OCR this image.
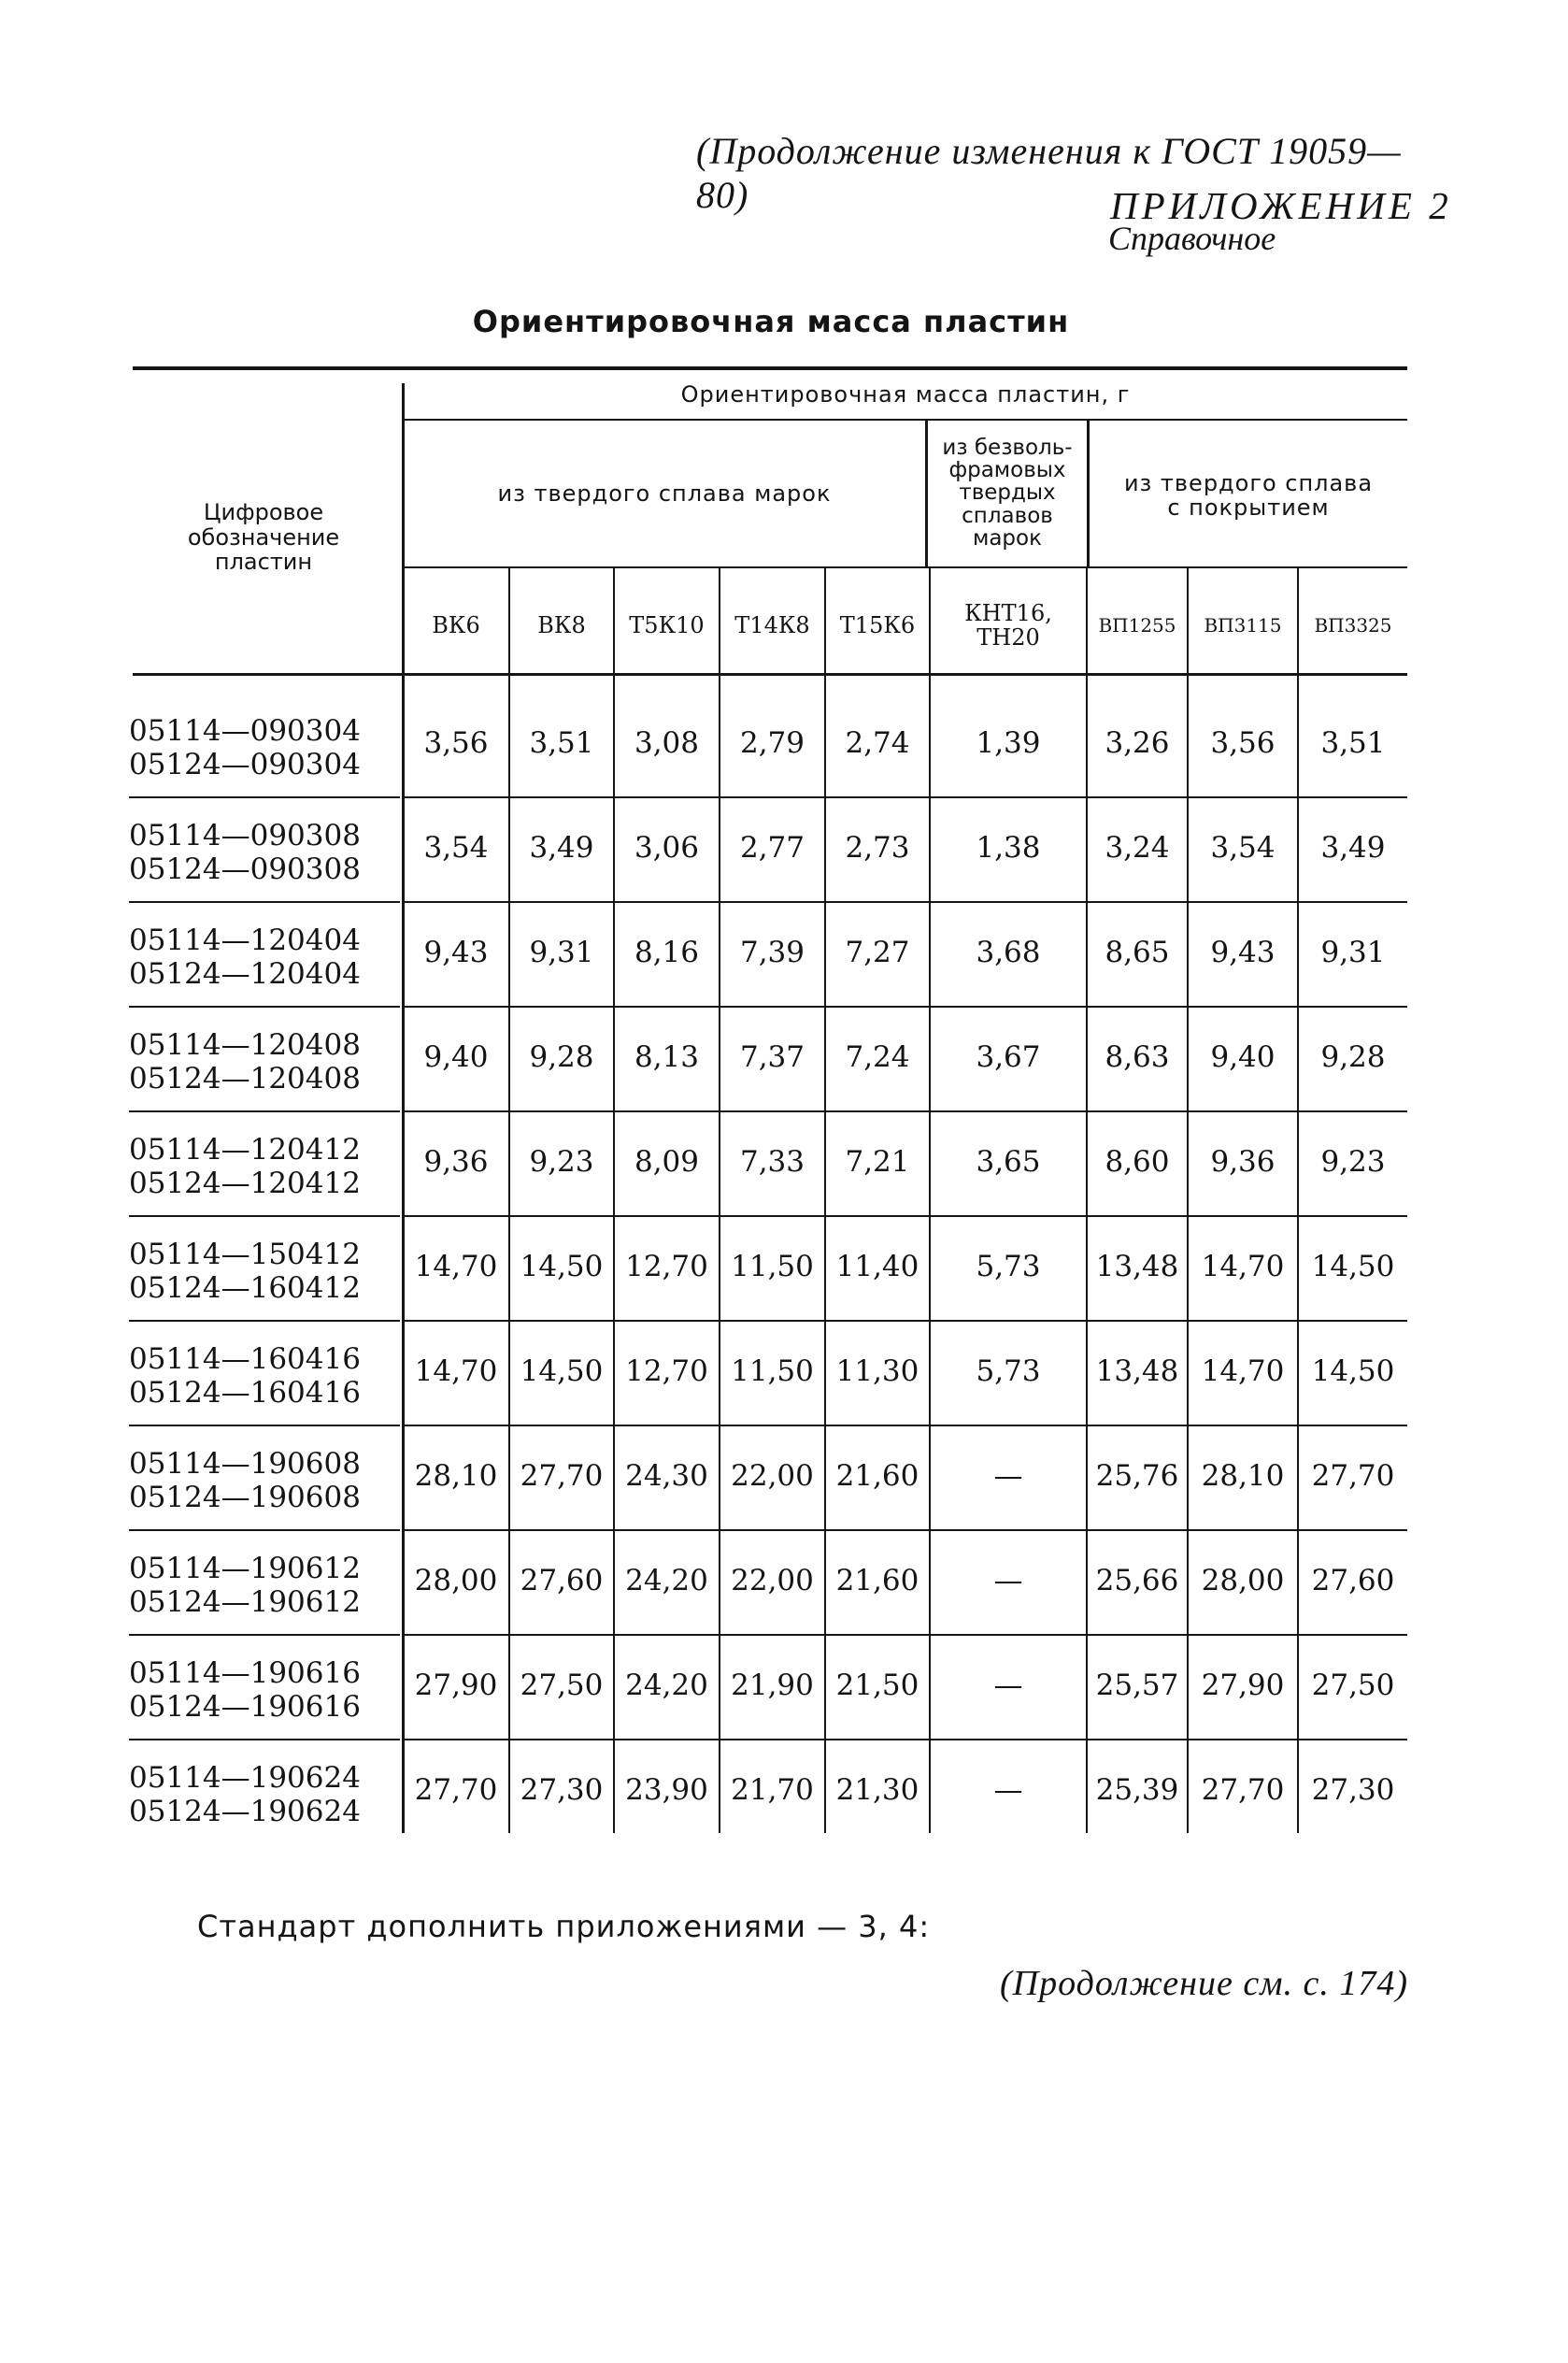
(Продолжение изменения к ГОСТ 19059—80)	ПРИЛОЖЕНИЕ 2
Справочное
Ориентировочная масса пластин
Цифровое
обозначение
пластин
Ориентировочная масса пластин, г
из твердого сплава марок
из безволь-
фрамовых
твердых
сплавов
марок
из твердого сплава
с покрытием
ВК6	ВК8	Т5К10	Т14К8	Т15К6	КНТ16,
ТН20	ВП1255	ВП3115	ВП3325
05114—090304
05124—090304
3,56	3,51	3,08	2,79	2,74	1,39	3,26	3,56	3,51
05114—090308
05124—090308
3,54	3,49	3,06	2,77	2,73	1,38	3,24	3,54	3,49
05114—120404
05124—120404
9,43	9,31	8,16	7,39	7,27	3,68	8,65	9,43	9,31
05114—120408
05124—120408
9,40	9,28	8,13	7,37	7,24	3,67	8,63	9,40	9,28
05114—120412
05124—120412
9,36	9,23	8,09	7,33	7,21	3,65	8,60	9,36	9,23
05114—150412
05124—160412
14,70 14,50 12,70 11,50 11,40	5,73	13,48 14,70 14,50
05114—160416
05124—160416
14,70 14,50 12,70 11,50 11,30	5,73	13,48 14,70 14,50
05114—190608
05124—190608
28,10 27,70 24,30 22,00 21,60	—	25,76 28,10 27,70
05114—190612
05124—190612
28,00 27,60 24,20 22,00 21,60	—	25,66 28,00 27,60
05114—190616
05124—190616
27,90 27,50 24,20 21,90 21,50	—	25,57 27,90 27,50
05114—190624
05124—190624
27,70 27,30 23,90 21,70 21,30	—	25,39 27,70 27,30
Стандарт дополнить приложениями — 3, 4:
(Продолжение см. с. 174)
